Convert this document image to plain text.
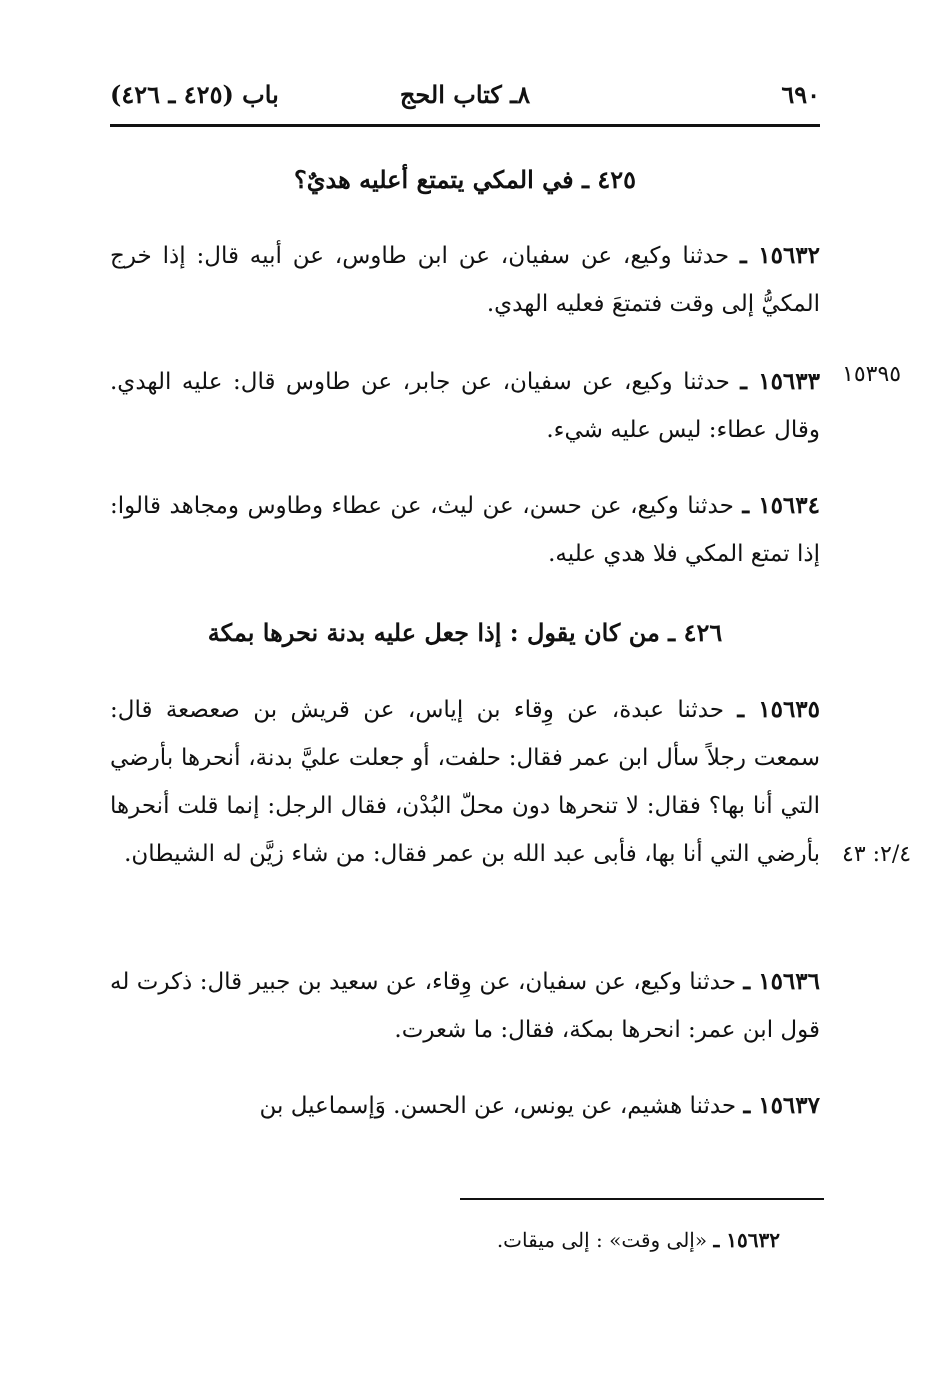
٦٩٠
٨ـ كتاب الحج
باب (٤٢٥ ـ ٤٢٦)
٤٢٥ ـ في المكي يتمتع أعليه هديٌ؟
١٥٦٣٢ ـ حدثنا وكيع، عن سفيان، عن ابن طاوس، عن أبيه قال: إذا خرج المكيُّ إلى وقت فتمتعَ فعليه الهدي.
١٥٣٩٥
١٥٦٣٣ ـ حدثنا وكيع، عن سفيان، عن جابر، عن طاوس قال: عليه الهدي. وقال عطاء: ليس عليه شيء.
١٥٦٣٤ ـ حدثنا وكيع، عن حسن، عن ليث، عن عطاء وطاوس ومجاهد قالوا: إذا تمتع المكي فلا هدي عليه.
٤٢٦ ـ من كان يقول : إذا جعل عليه بدنة نحرها بمكة
١٥٦٣٥ ـ حدثنا عبدة، عن وِقاء بن إياس، عن قريش بن صعصعة قال: سمعت رجلاً سأل ابن عمر فقال: حلفت، أو جعلت عليَّ بدنة، أنحرها بأرضي التي أنا بها؟ فقال: لا تنحرها دون محلّ البُدْن، فقال الرجل: إنما قلت أنحرها بأرضي التي أنا بها، فأبى عبد الله بن عمر فقال: من شاء زيَّن له الشيطان. ٢/٤: ٤٣
١٥٦٣٦ ـ حدثنا وكيع، عن سفيان، عن وِقاء، عن سعيد بن جبير قال: ذكرت له قول ابن عمر: انحرها بمكة، فقال: ما شعرت.
١٥٦٣٧ ـ حدثنا هشيم، عن يونس، عن الحسن. وَإسماعيل بن
١٥٦٣٢ ـ «إلى وقت» : إلى ميقات.
